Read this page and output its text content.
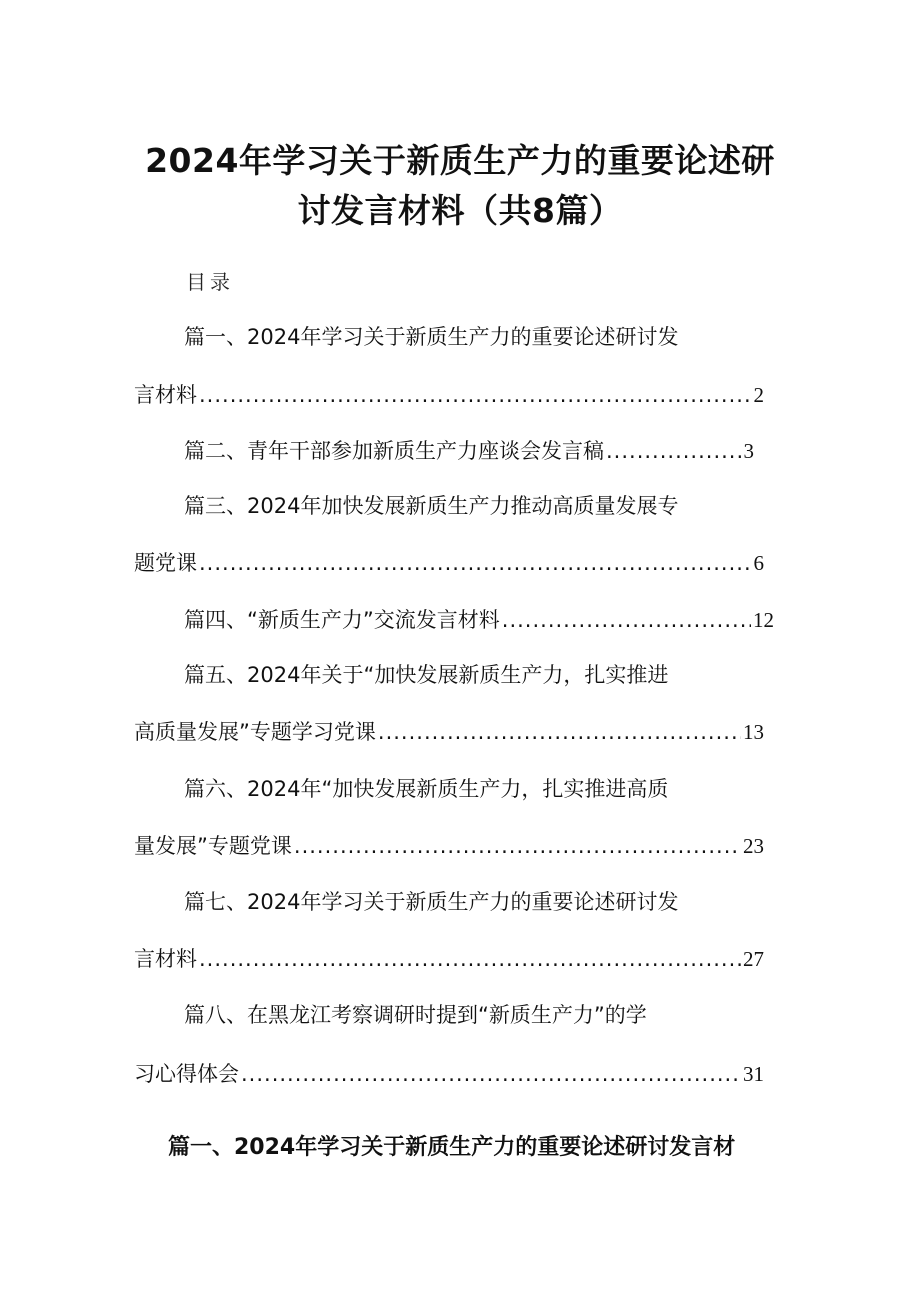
2024年学习关于新质生产力的重要论述研
讨发言材料（共8篇）
目录
篇一、2024年学习关于新质生产力的重要论述研讨发
言材料 .....	2
篇二、青年干部参加新质生产力座谈会发言稿 .....	3
篇三、2024年加快发展新质生产力推动高质量发展专
题党课 .....	6
篇四、“新质生产力”交流发言材料 .....	12
篇五、2024年关于“加快发展新质生产力，扎实推进
高质量发展”专题学习党课 .....	13
篇六、2024年“加快发展新质生产力，扎实推进高质
量发展”专题党课 .....	23
篇七、2024年学习关于新质生产力的重要论述研讨发
言材料 .....	27
篇八、在黑龙江考察调研时提到“新质生产力”的学
习心得体会 .....	31
篇一、2024年学习关于新质生产力的重要论述研讨发言材
